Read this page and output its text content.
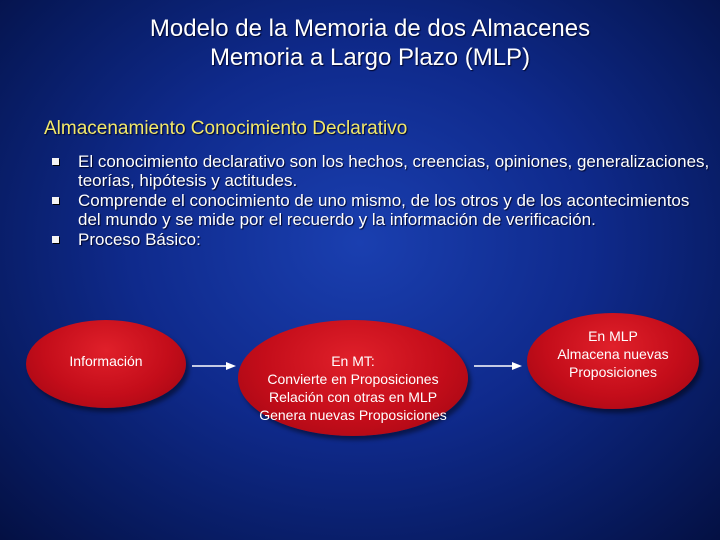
Modelo de la Memoria de dos Almacenes
Memoria a Largo Plazo (MLP)
Almacenamiento Conocimiento Declarativo
El conocimiento declarativo son los hechos, creencias, opiniones, generalizaciones, teorías, hipótesis y actitudes.
Comprende el conocimiento de uno mismo, de los otros y de los acontecimientos del mundo y se mide por el recuerdo y la información de verificación.
Proceso Básico:
Información	En MT:
Convierte en Proposiciones
Relación con otras en MLP
Genera nuevas Proposiciones
En MLP
Almacena nuevas
Proposiciones
